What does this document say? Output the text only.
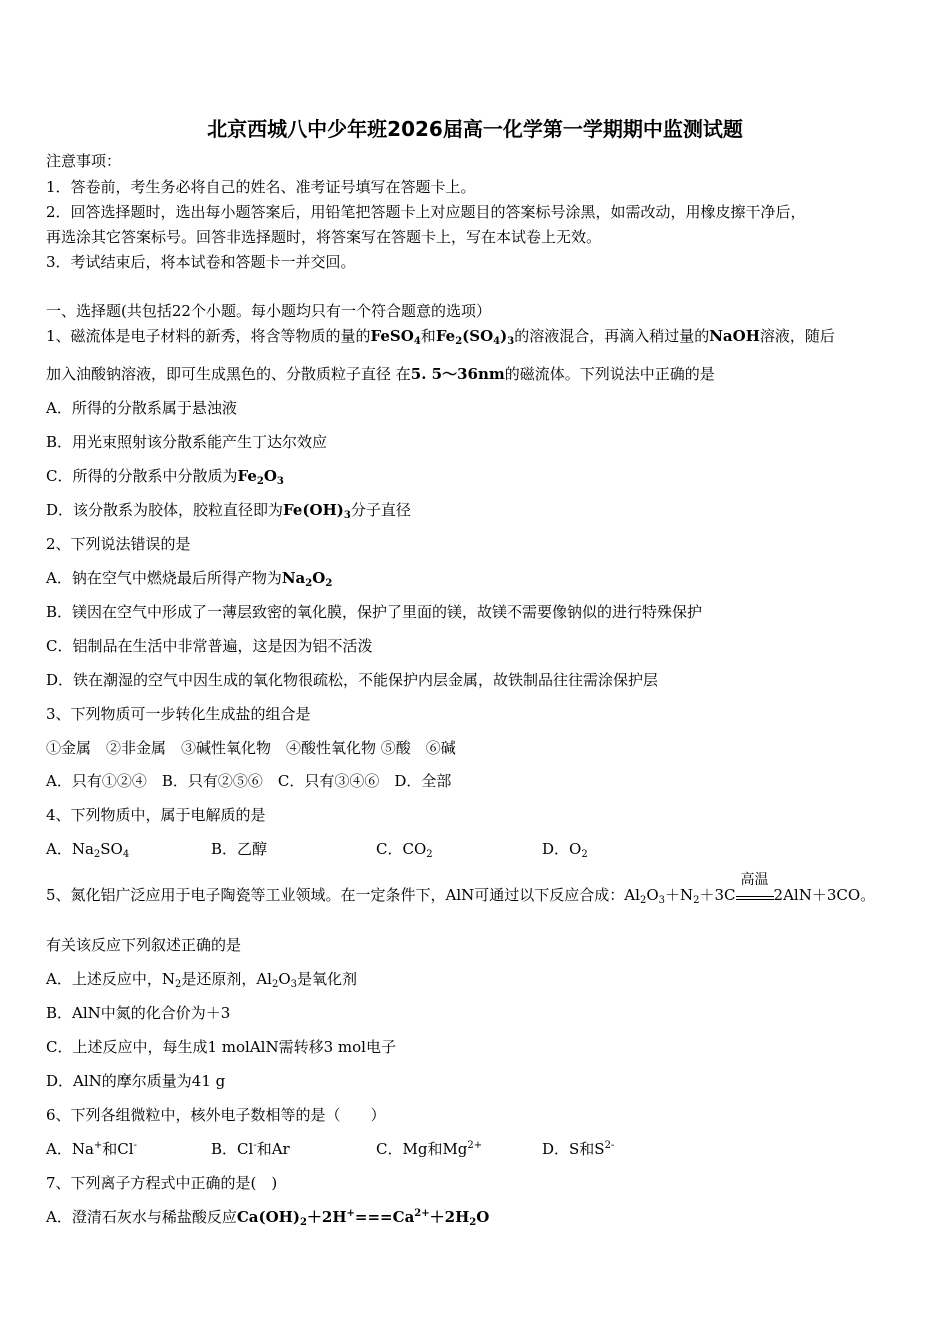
北京西城八中少年班2026届高一化学第一学期期中监测试题
注意事项：
1．答卷前，考生务必将自己的姓名、准考证号填写在答题卡上。
2．回答选择题时，选出每小题答案后，用铅笔把答题卡上对应题目的答案标号涂黑，如需改动，用橡皮擦干净后，
再选涂其它答案标号。回答非选择题时，将答案写在答题卡上，写在本试卷上无效。
3．考试结束后，将本试卷和答题卡一并交回。
一、选择题(共包括22个小题。每小题均只有一个符合题意的选项）
1、磁流体是电子材料的新秀，将含等物质的量的FeSO$_4$和$Fe_2(SO_4)_3$的溶液混合，再滴入稍过量的NaOH溶液，随后
加入油酸钠溶液，即可生成黑色的、分散质粒子直径 在5. 5～36nm的磁流体。下列说法中正确的是
A．所得的分散系属于悬浊液
B．用光束照射该分散系能产生丁达尔效应
C．所得的分散系中分散质为$Fe_2O_3$
D．该分散系为胶体，胶粒直径即为$Fe(OH)_3$分子直径
2、下列说法错误的是
A．钠在空气中燃烧最后所得产物为$Na_2O_2$
B．镁因在空气中形成了一薄层致密的氧化膜，保护了里面的镁，故镁不需要像钠似的进行特殊保护
C．铝制品在生活中非常普遍，这是因为铝不活泼
D．铁在潮湿的空气中因生成的氧化物很疏松，不能保护内层金属，故铁制品往往需涂保护层
3、下列物质可一步转化生成盐的组合是
①金属　②非金属　③碱性氧化物　④酸性氧化物 ⑤酸　⑥碱
A．只有①②④　B．只有②⑤⑥　C．只有③④⑥　D．全部
4、下列物质中，属于电解质的是
A．$Na_2SO_4$	B．乙醇	C．$CO_2$	D．$O_2$
5、氮化铝广泛应用于电子陶瓷等工业领域。在一定条件下，AlN可通过以下反应合成：$Al_2O_3+N_2+3C$
高温
2AlN＋3CO。
有关该反应下列叙述正确的是
A．上述反应中，$N_2$是还原剂，$Al_2O_3$是氧化剂
B．AlN中氮的化合价为＋3
C．上述反应中，每生成1 molAlN需转移3 mol电子
D．AlN的摩尔质量为41 g
6、下列各组微粒中，核外电子数相等的是（　　）
A．Na+和Cl-	B．Cl-和Ar	C．Mg和$Mg^{2+}$	D．S和$S^{2-}$
7、下列离子方程式中正确的是(　)
A．澄清石灰水与稀盐酸反应$Ca(OH)_2+2H^+===Ca^{2+}+2H_2O$
